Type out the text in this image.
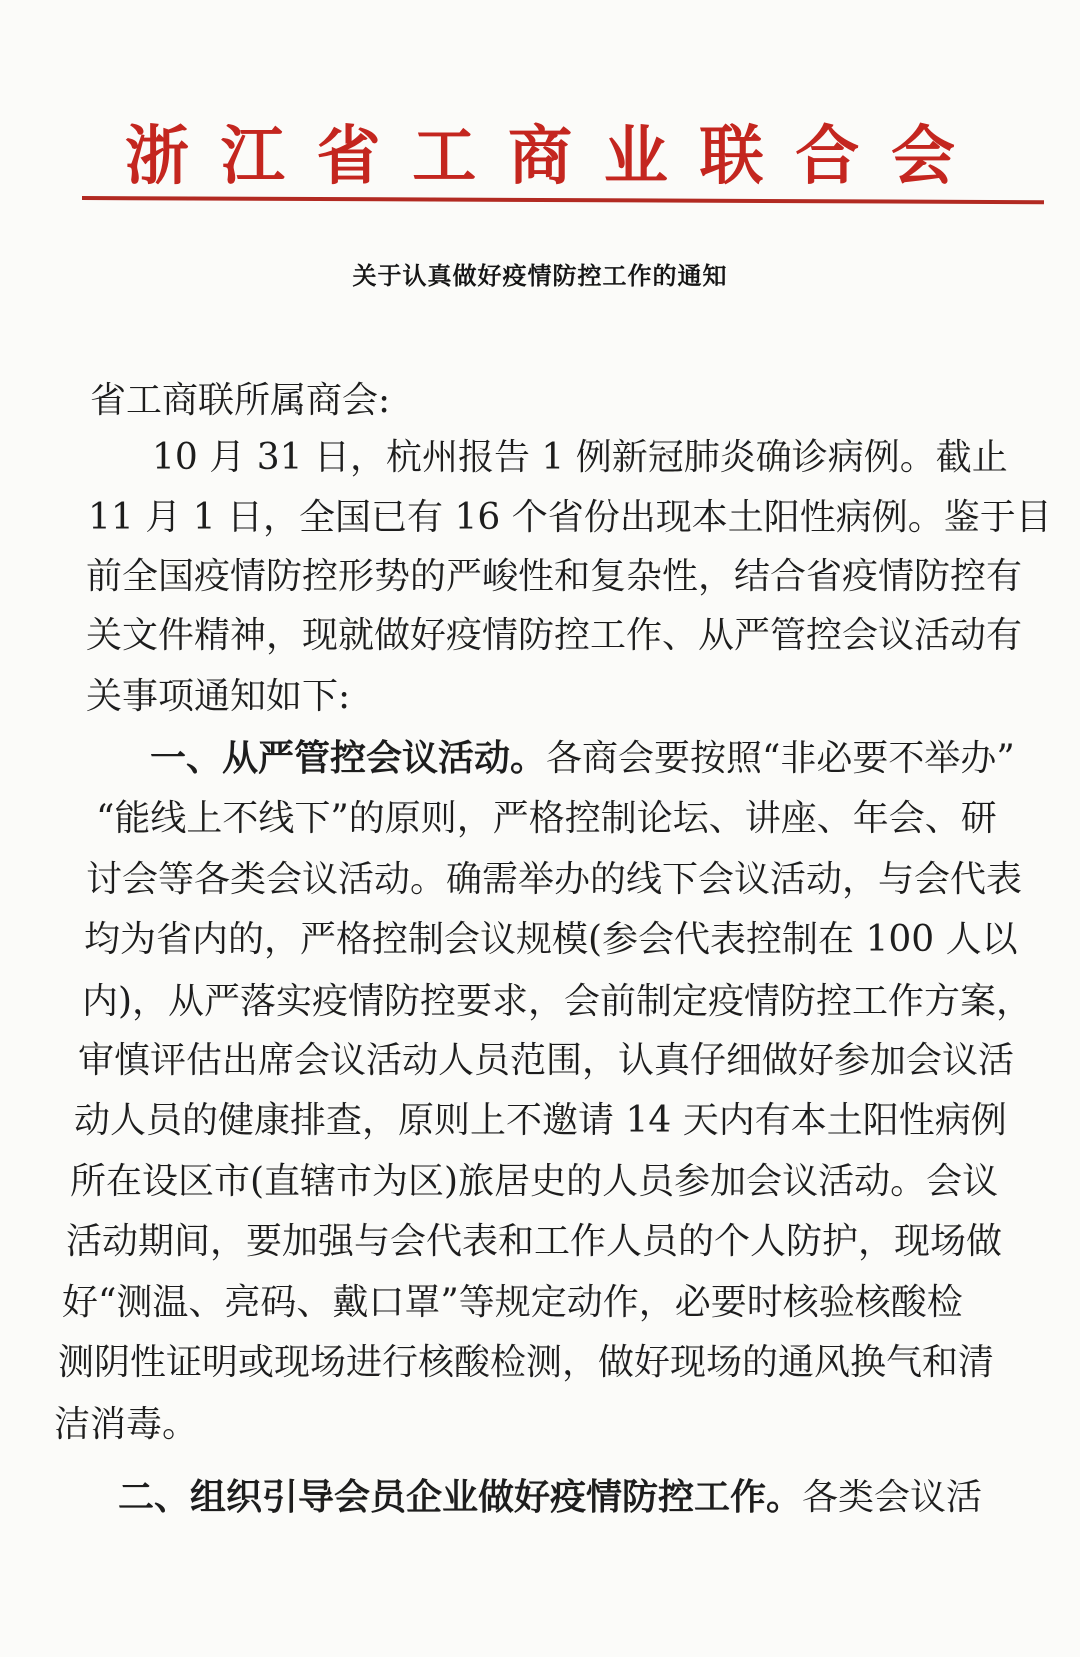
浙 江 省 工 商 业 联 合 会
关于认真做好疫情防控工作的通知
省工商联所属商会:
10 月 31 日，杭州报告 1 例新冠肺炎确诊病例。截止
11 月 1 日，全国已有 16 个省份出现本土阳性病例。鉴于目
前全国疫情防控形势的严峻性和复杂性，结合省疫情防控有
关文件精神，现就做好疫情防控工作、从严管控会议活动有
关事项通知如下:
一、从严管控会议活动。各商会要按照“非必要不举办”
“能线上不线下”的原则，严格控制论坛、讲座、年会、研
讨会等各类会议活动。确需举办的线下会议活动，与会代表
均为省内的，严格控制会议规模(参会代表控制在 100 人以
内)，从严落实疫情防控要求，会前制定疫情防控工作方案，
审慎评估出席会议活动人员范围，认真仔细做好参加会议活
动人员的健康排查，原则上不邀请 14 天内有本土阳性病例
所在设区市(直辖市为区)旅居史的人员参加会议活动。会议
活动期间，要加强与会代表和工作人员的个人防护，现场做
好“测温、亮码、戴口罩”等规定动作，必要时核验核酸检
测阴性证明或现场进行核酸检测，做好现场的通风换气和清
洁消毒。
二、组织引导会员企业做好疫情防控工作。各类会议活
